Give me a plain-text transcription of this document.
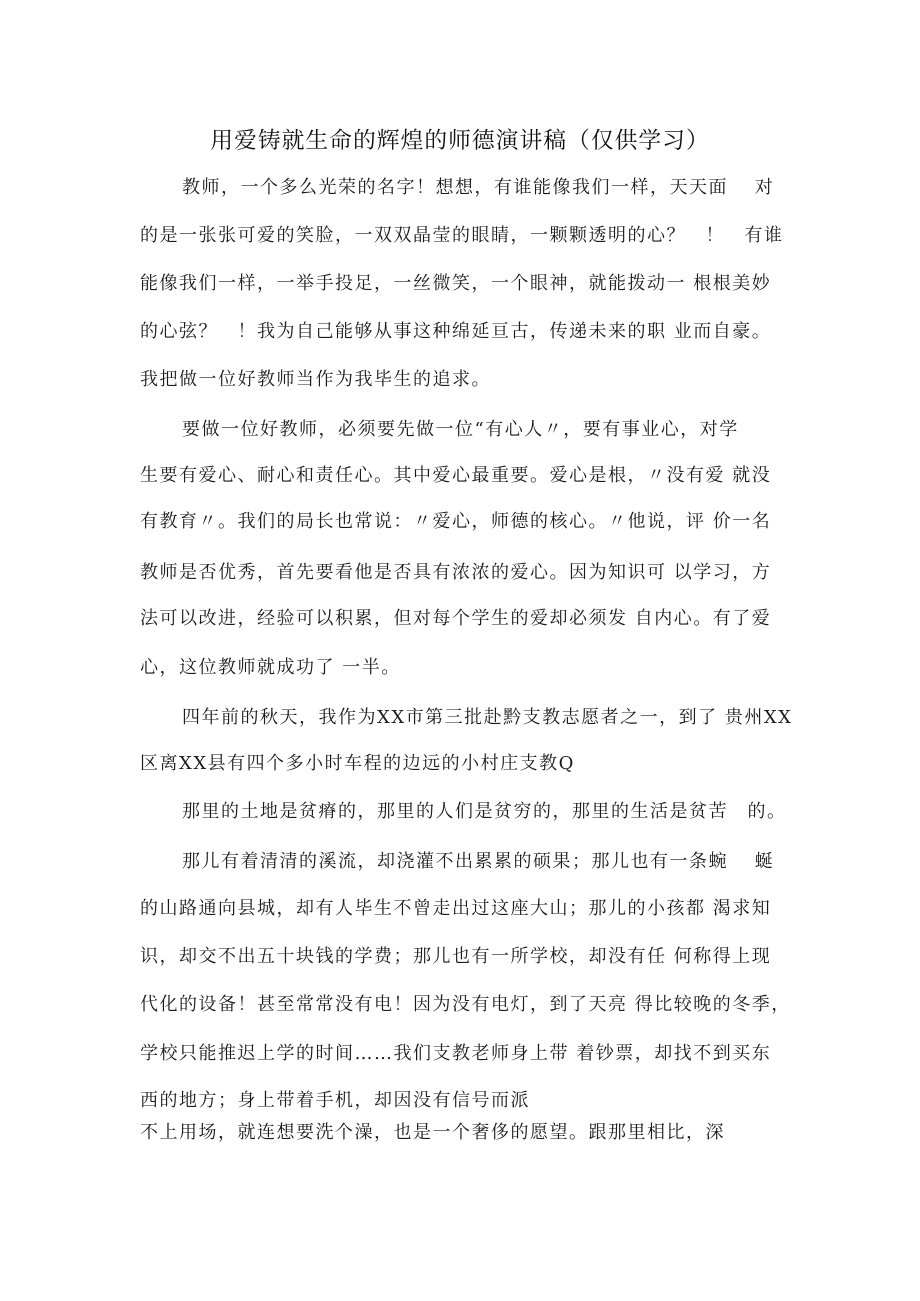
用爱铸就生命的辉煌的师德演讲稿（仅供学习）
教师，一个多么光荣的名字！想想，有谁能像我们一样，天天面　 对
的是一张张可爱的笑脸，一双双晶莹的眼睛，一颗颗透明的心？　！　有谁
能像我们一样，一举手投足，一丝微笑，一个眼神，就能拨动一 根根美妙
的心弦？　！我为自己能够从事这种绵延亘古，传递未来的职 业而自豪。
我把做一位好教师当作为我毕生的追求。
要做一位好教师，必须要先做一位“有心人〃，要有事业心，对学
生要有爱心、耐心和责任心。其中爱心最重要。爱心是根，〃没有爱 就没
有教育〃。我们的局长也常说：〃爱心，师德的核心。〃他说，评 价一名
教师是否优秀，首先要看他是否具有浓浓的爱心。因为知识可 以学习，方
法可以改进，经验可以积累，但对每个学生的爱却必须发 自内心。有了爱
心，这位教师就成功了 一半。
四年前的秋天，我作为XX市第三批赴黔支教志愿者之一，到了 贵州XX
区离XX县有四个多小时车程的边远的小村庄支教Q
那里的土地是贫瘠的，那里的人们是贫穷的，那里的生活是贫苦　的。
那儿有着清清的溪流，却浇灌不出累累的硕果；那儿也有一条蜿　 蜒
的山路通向县城，却有人毕生不曾走出过这座大山；那儿的小孩都 渴求知
识，却交不出五十块钱的学费；那儿也有一所学校，却没有任 何称得上现
代化的设备！甚至常常没有电！因为没有电灯，到了天亮 得比较晚的冬季，
学校只能推迟上学的时间……我们支教老师身上带 着钞票，却找不到买东
西的地方；身上带着手机，却因没有信号而派
不上用场，就连想要洗个澡，也是一个奢侈的愿望。跟那里相比，深
